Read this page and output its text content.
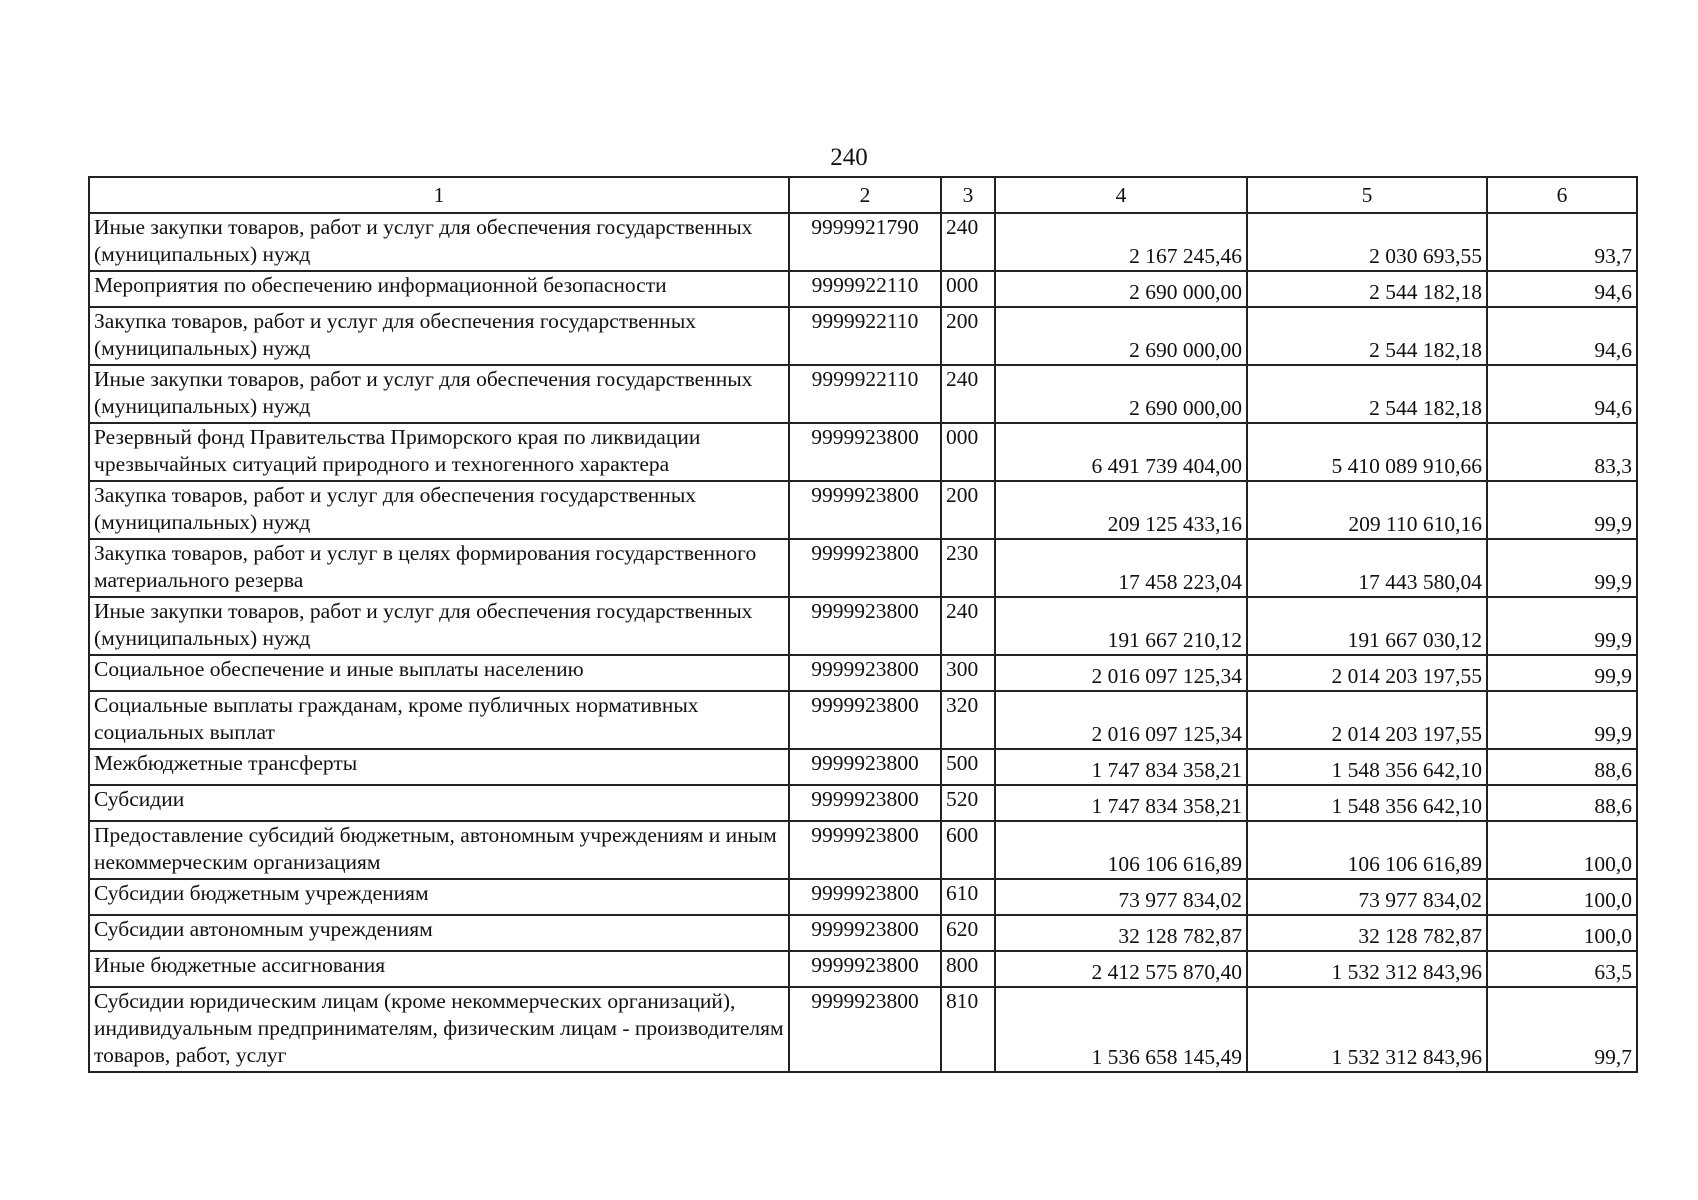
240
1	2	3	4	5	6
Иные закупки товаров, работ и услуг для обеспечения государственных (муниципальных) нужд	9999921790	240	2 167 245,46	2 030 693,55	93,7
Мероприятия по обеспечению информационной безопасности	9999922110	000	2 690 000,00	2 544 182,18	94,6
Закупка товаров, работ и услуг для обеспечения государственных (муниципальных) нужд	9999922110	200	2 690 000,00	2 544 182,18	94,6
Иные закупки товаров, работ и услуг для обеспечения государственных (муниципальных) нужд	9999922110	240	2 690 000,00	2 544 182,18	94,6
Резервный фонд Правительства Приморского края по ликвидации чрезвычайных ситуаций природного и техногенного характера	9999923800	000	6 491 739 404,00	5 410 089 910,66	83,3
Закупка товаров, работ и услуг для обеспечения государственных (муниципальных) нужд	9999923800	200	209 125 433,16	209 110 610,16	99,9
Закупка товаров, работ и услуг в целях формирования государственного материального резерва	9999923800	230	17 458 223,04	17 443 580,04	99,9
Иные закупки товаров, работ и услуг для обеспечения государственных (муниципальных) нужд	9999923800	240	191 667 210,12	191 667 030,12	99,9
Социальное обеспечение и иные выплаты населению	9999923800	300	2 016 097 125,34	2 014 203 197,55	99,9
Социальные выплаты гражданам, кроме публичных нормативных социальных выплат	9999923800	320	2 016 097 125,34	2 014 203 197,55	99,9
Межбюджетные трансферты	9999923800	500	1 747 834 358,21	1 548 356 642,10	88,6
Субсидии	9999923800	520	1 747 834 358,21	1 548 356 642,10	88,6
Предоставление субсидий бюджетным, автономным учреждениям и иным некоммерческим организациям	9999923800	600	106 106 616,89	106 106 616,89	100,0
Субсидии бюджетным учреждениям	9999923800	610	73 977 834,02	73 977 834,02	100,0
Субсидии автономным учреждениям	9999923800	620	32 128 782,87	32 128 782,87	100,0
Иные бюджетные ассигнования	9999923800	800	2 412 575 870,40	1 532 312 843,96	63,5
Субсидии юридическим лицам (кроме некоммерческих организаций), индивидуальным предпринимателям, физическим лицам - производителям товаров, работ, услуг	9999923800	810	1 536 658 145,49	1 532 312 843,96	99,7
